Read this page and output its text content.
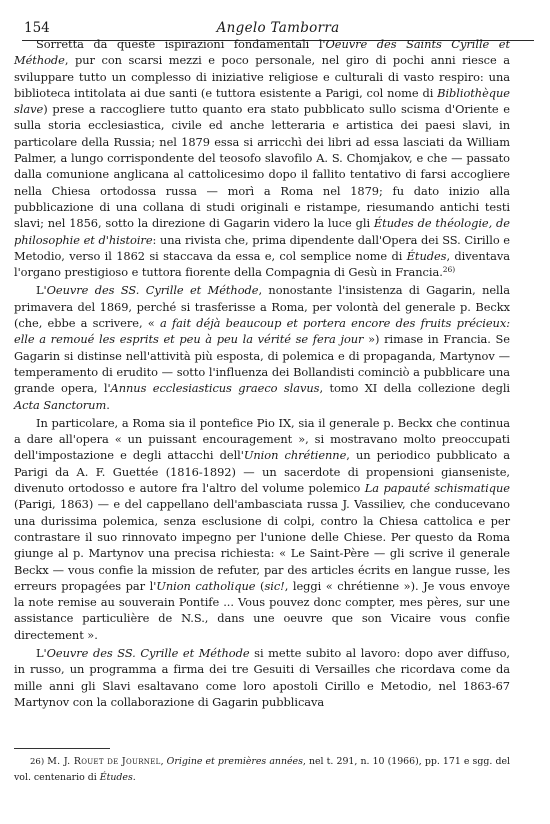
154	Angelo Tamborra

Sorretta da queste ispirazioni fondamentali l'Oeuvre des Saints Cyrille et Méthode, pur con scarsi mezzi e poco personale, nel giro di pochi anni riesce a sviluppare tutto un complesso di iniziative religiose e culturali di vasto respiro: una biblioteca intitolata ai due santi (e tuttora esistente a Parigi, col nome di Bibliothèque slave) prese a raccogliere tutto quanto era stato pubblicato sullo scisma d'Oriente e sulla storia ecclesiastica, civile ed anche letteraria e artistica dei paesi slavi, in particolare della Russia; nel 1879 essa si arricchì dei libri ad essa lasciati da William Palmer, a lungo corrispondente del teosofo slavofilo A. S. Chomjakov, e che — passato dalla comunione anglicana al cattolicesimo dopo il fallito tentativo di farsi accogliere nella Chiesa ortodossa russa — morì a Roma nel 1879; fu dato inizio alla pubblicazione di una collana di studi originali e ristampe, riesumando antichi testi slavi; nel 1856, sotto la direzione di Gagarin videro la luce gli Études de théologie, de philosophie et d'histoire: una rivista che, prima dipendente dall'Opera dei SS. Cirillo e Metodio, verso il 1862 si staccava da essa e, col semplice nome di Études, diventava l'organo prestigioso e tuttora fiorente della Compagnia di Gesù in Francia.$^{26)}$

L'Oeuvre des SS. Cyrille et Méthode, nonostante l'insistenza di Gagarin, nella primavera del 1869, perché si trasferisse a Roma, per volontà del generale p. Beckx (che, ebbe a scrivere, « a fait déjà beaucoup et portera encore des fruits précieux: elle a remoué les esprits et peu à peu la vérité se fera jour ») rimase in Francia. Se Gagarin si distinse nell'attività più esposta, di polemica e di propaganda, Martynov — temperamento di erudito — sotto l'influenza dei Bollandisti cominciò a pubblicare una grande opera, l'Annus ecclesiasticus graeco slavus, tomo XI della collezione degli Acta Sanctorum.

In particolare, a Roma sia il pontefice Pio IX, sia il generale p. Beckx che continua a dare all'opera « un puissant encouragement », si mostravano molto preoccupati dell'impostazione e degli attacchi dell'Union chrétienne, un periodico pubblicato a Parigi da A. F. Guettée (1816-1892) — un sacerdote di propensioni gianseniste, divenuto ortodosso e autore fra l'altro del volume polemico La papauté schismatique (Parigi, 1863) — e del cappellano dell'ambasciata russa J. Vassiliev, che conducevano una durissima polemica, senza esclusione di colpi, contro la Chiesa cattolica e per contrastare il suo rinnovato impegno per l'unione delle Chiese. Per questo da Roma giunge al p. Martynov una precisa richiesta: « Le Saint-Père — gli scrive il generale Beckx — vous confie la mission de refuter, par des articles écrits en langue russe, les erreurs propagées par l'Union catholique (sic!, leggi « chrétienne »). Je vous envoye la note remise au souverain Pontife ... Vous pouvez donc compter, mes pères, sur une assistance particulière de N.S., dans une oeuvre que son Vicaire vous confie directement ».

L'Oeuvre des SS. Cyrille et Méthode si mette subito al lavoro: dopo aver diffuso, in russo, un programma a firma dei tre Gesuiti di Versailles che ricordava come da mille anni gli Slavi esaltavano come loro apostoli Cirillo e Metodio, nel 1863-67 Martynov con la collaborazione di Gagarin pubblicava

26) M. J. Rouet de Journel, Origine et premières années, nel t. 291, n. 10 (1966), pp. 171 e sgg. del vol. centenario di Études.
